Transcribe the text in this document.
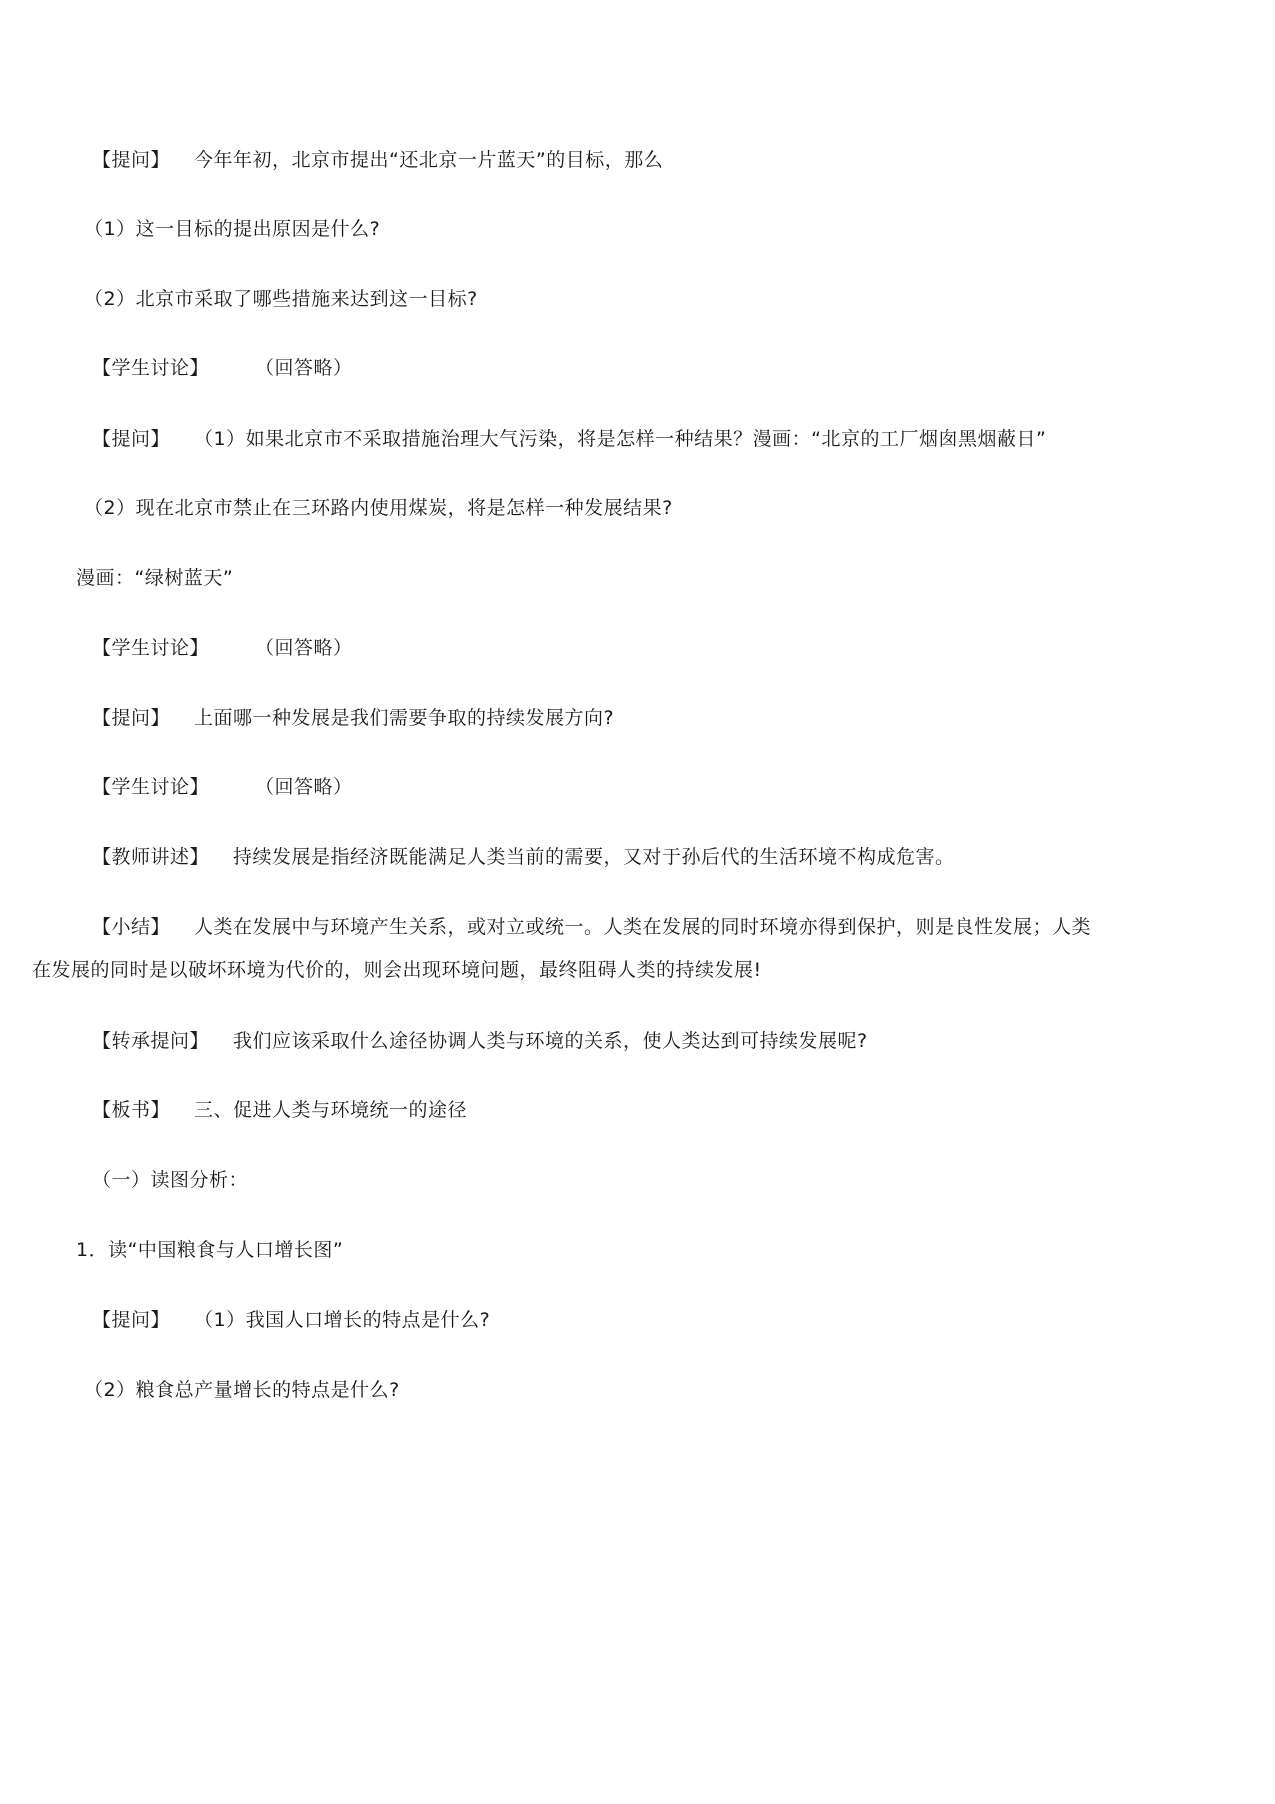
【提问】 今年年初，北京市提出“还北京一片蓝天”的目标，那么
（1）这一目标的提出原因是什么?
（2）北京市采取了哪些措施来达到这一目标?
【学生讨论】 （回答略）
【提问】 （1）如果北京市不采取措施治理大气污染，将是怎样一种结果？漫画：“北京的工厂烟囱黑烟蔽日”
（2）现在北京市禁止在三环路内使用煤炭，将是怎样一种发展结果?
漫画：“绿树蓝天”
【学生讨论】 （回答略）
【提问】 上面哪一种发展是我们需要争取的持续发展方向?
【学生讨论】 （回答略）
【教师讲述】 持续发展是指经济既能满足人类当前的需要，又对于孙后代的生活环境不构成危害。
【小结】 人类在发展中与环境产生关系，或对立或统一。人类在发展的同时环境亦得到保护，则是良性发展；人类
在发展的同时是以破坏环境为代价的，则会出现环境问题，最终阻碍人类的持续发展!
【转承提问】 我们应该采取什么途径协调人类与环境的关系，使人类达到可持续发展呢?
【板书】 三、促进人类与环境统一的途径
（一）读图分析：
1．读“中国粮食与人口增长图”
【提问】 （1）我国人口增长的特点是什么?
（2）粮食总产量增长的特点是什么?
